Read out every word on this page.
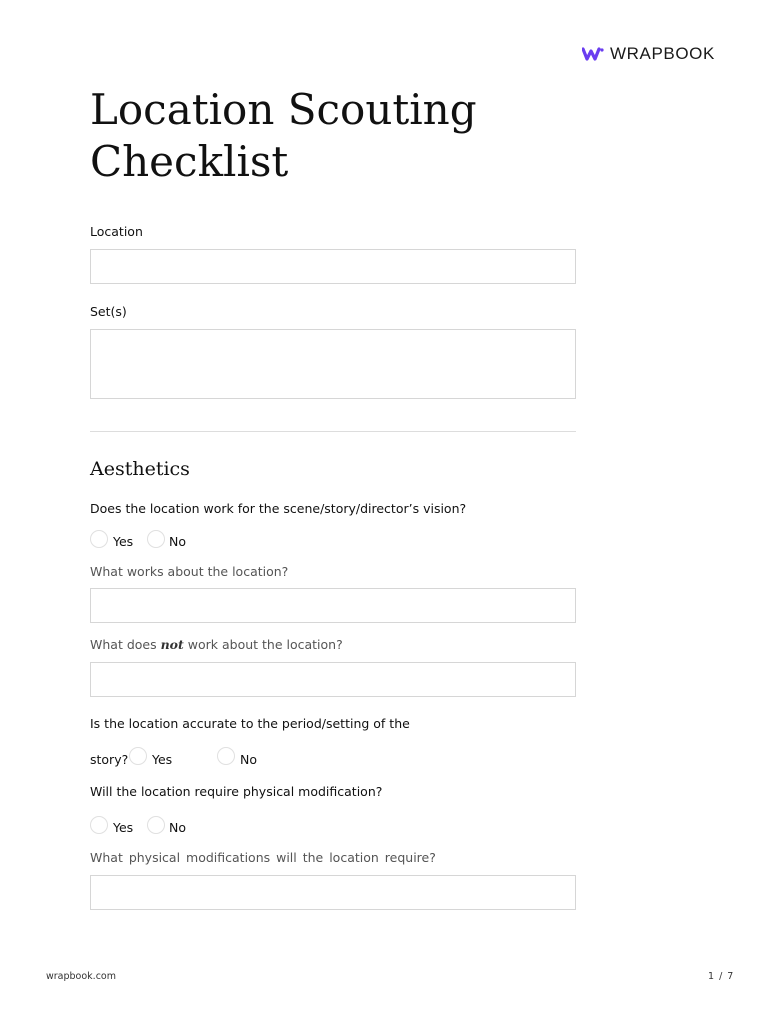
WRAPBOOK
Location Scouting
Checklist
Location
Set(s)
Aesthetics
Does the location work for the scene/story/director’s vision?
Yes	No
What works about the location?
What does not work about the location?
Is the location accurate to the period/setting of the
story? Yes	No
Will the location require physical modification?
Yes	No
What physical modifications will the location require?
wrapbook.com	1 / 7
